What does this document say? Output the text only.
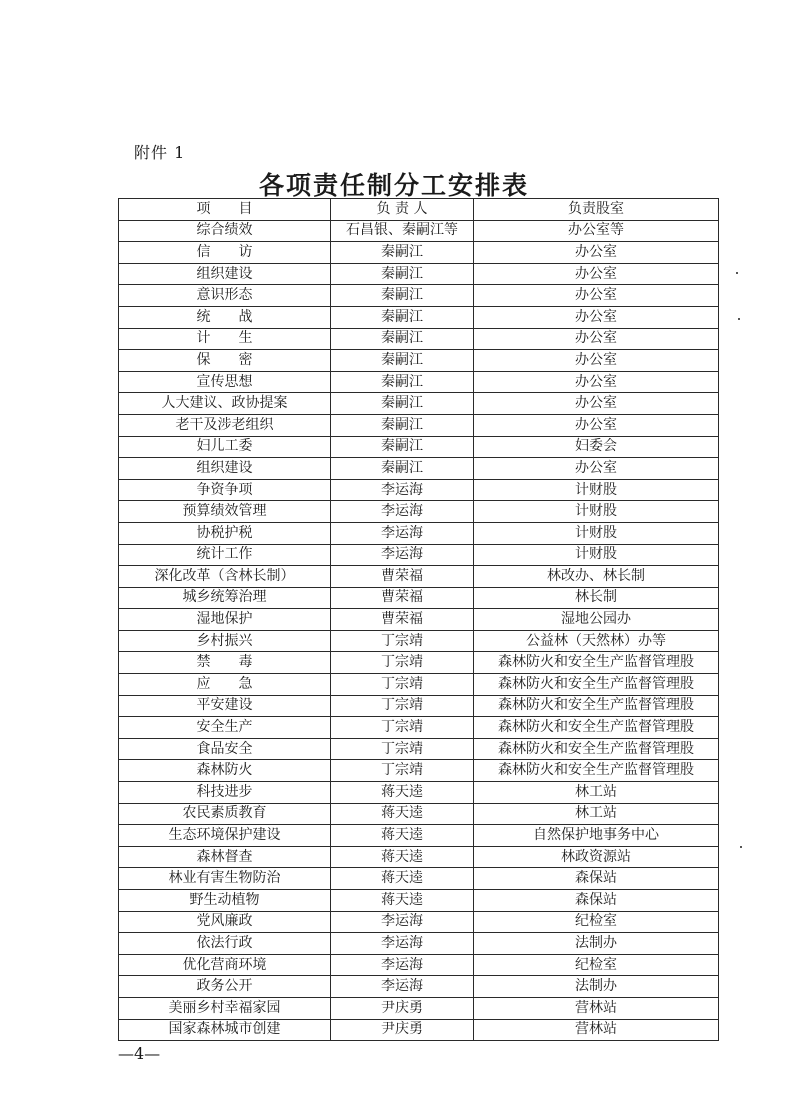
附件 1
各项责任制分工安排表
项　　目	负 责 人	负责股室
综合绩效	石昌银、秦嗣江等	办公室等
信　　访	秦嗣江	办公室
组织建设	秦嗣江	办公室
意识形态	秦嗣江	办公室
统　　战	秦嗣江	办公室
计　　生	秦嗣江	办公室
保　　密	秦嗣江	办公室
宣传思想	秦嗣江	办公室
人大建议、政协提案	秦嗣江	办公室
老干及涉老组织	秦嗣江	办公室
妇儿工委	秦嗣江	妇委会
组织建设	秦嗣江	办公室
争资争项	李运海	计财股
预算绩效管理	李运海	计财股
协税护税	李运海	计财股
统计工作	李运海	计财股
深化改革（含林长制）	曹荣福	林改办、林长制
城乡统筹治理	曹荣福	林长制
湿地保护	曹荣福	湿地公园办
乡村振兴	丁宗靖	公益林（天然林）办等
禁　　毒	丁宗靖	森林防火和安全生产监督管理股
应　　急	丁宗靖	森林防火和安全生产监督管理股
平安建设	丁宗靖	森林防火和安全生产监督管理股
安全生产	丁宗靖	森林防火和安全生产监督管理股
食品安全	丁宗靖	森林防火和安全生产监督管理股
森林防火	丁宗靖	森林防火和安全生产监督管理股
科技进步	蒋天逵	林工站
农民素质教育	蒋天逵	林工站
生态环境保护建设	蒋天逵	自然保护地事务中心
森林督查	蒋天逵	林政资源站
林业有害生物防治	蒋天逵	森保站
野生动植物	蒋天逵	森保站
党风廉政	李运海	纪检室
依法行政	李运海	法制办
优化营商环境	李运海	纪检室
政务公开	李运海	法制办
美丽乡村幸福家园	尹庆勇	营林站
国家森林城市创建	尹庆勇	营林站
—4—
